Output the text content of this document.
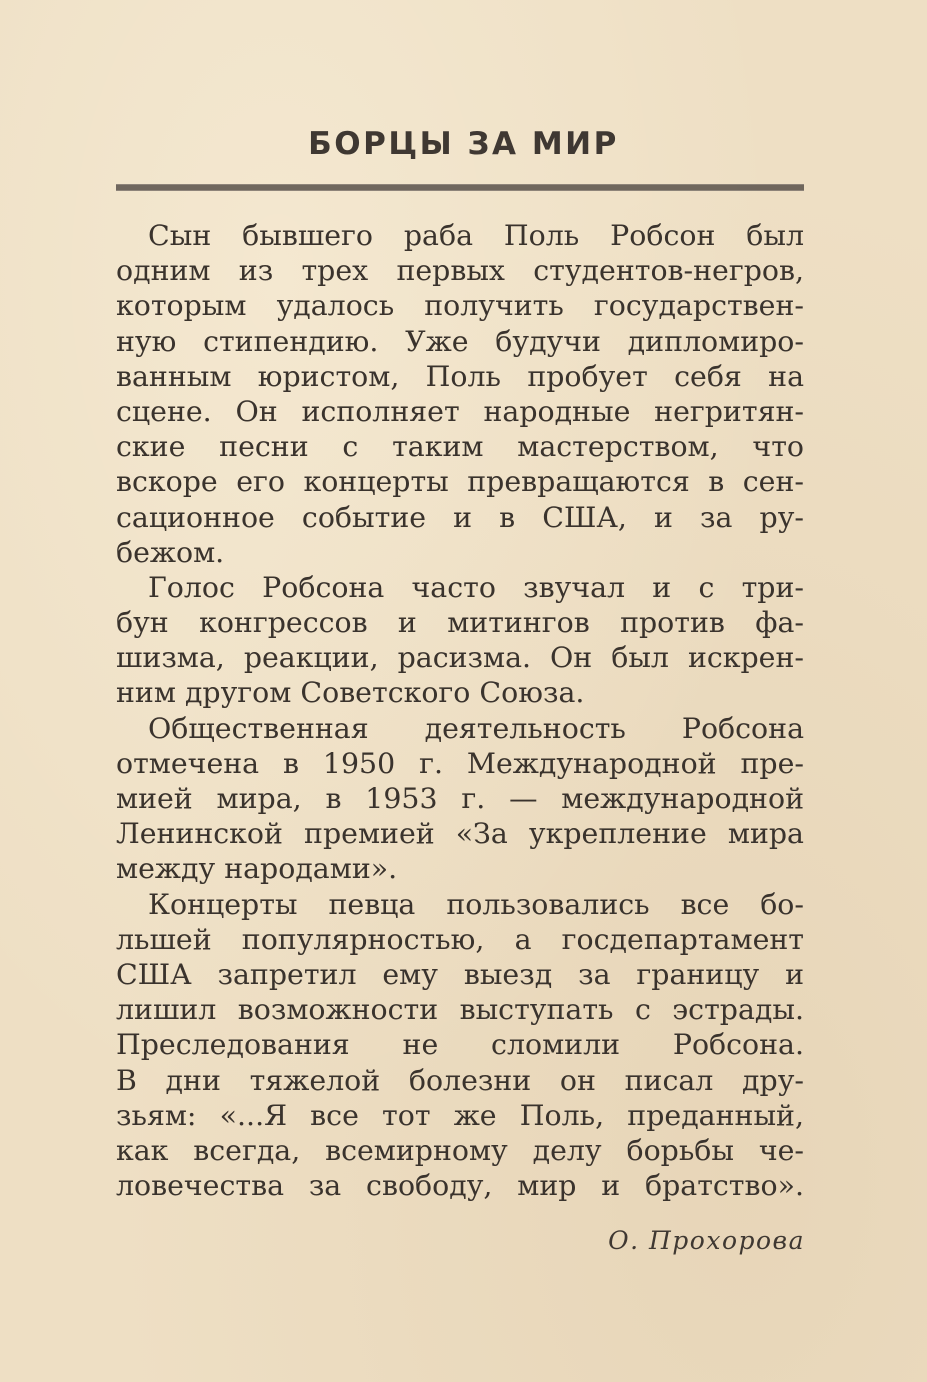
БОРЦЫ ЗА МИР
Сын бывшего раба Поль Робсон был
одним из трех первых студентов-негров,
которым удалось получить государствен-
ную стипендию. Уже будучи дипломиро-
ванным юристом, Поль пробует себя на
сцене. Он исполняет народные негритян-
ские песни с таким мастерством, что
вскоре его концерты превращаются в сен-
сационное событие и в США, и за ру-
бежом.
Голос Робсона часто звучал и с три-
бун конгрессов и митингов против фа-
шизма, реакции, расизма. Он был искрен-
ним другом Советского Союза.
Общественная деятельность Робсона
отмечена в 1950 г. Международной пре-
мией мира, в 1953 г. — международной
Ленинской премией «За укрепление мира
между народами».
Концерты певца пользовались все бо-
льшей популярностью, а госдепартамент
США запретил ему выезд за границу и
лишил возможности выступать с эстрады.
Преследования не сломили Робсона.
В дни тяжелой болезни он писал дру-
зьям: «...Я все тот же Поль, преданный,
как всегда, всемирному делу борьбы че-
ловечества за свободу, мир и братство».
О. Прохорова
